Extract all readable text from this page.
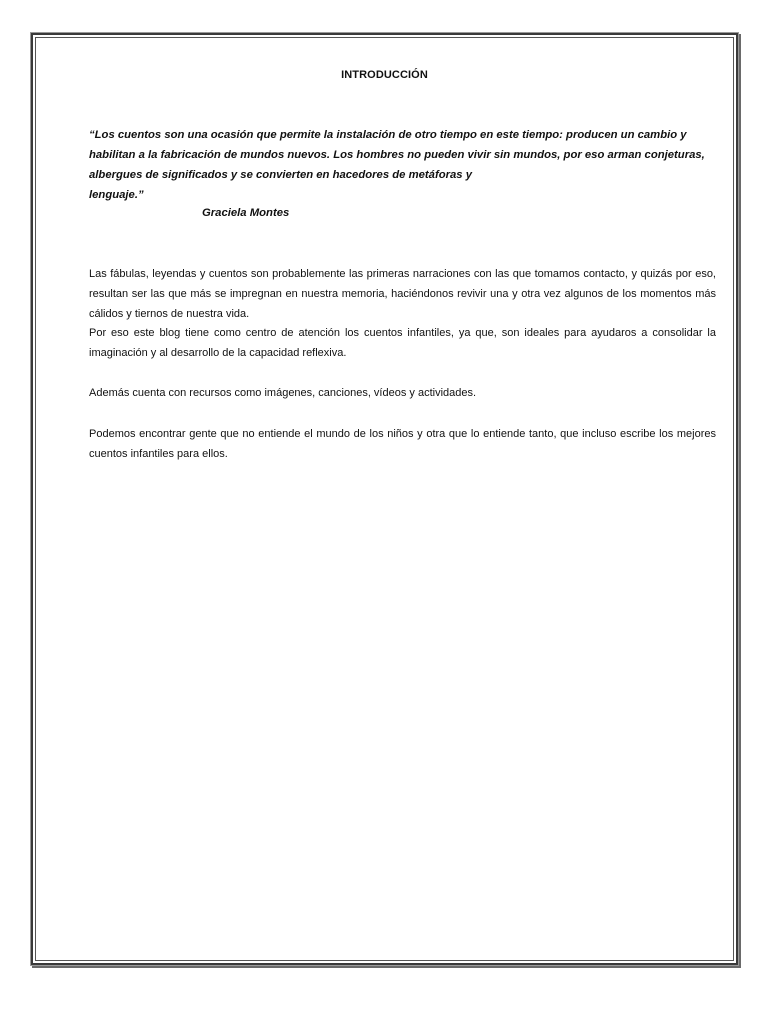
INTRODUCCIÓN

“Los cuentos son una ocasión que permite la instalación de otro tiempo en este tiempo: producen un cambio y habilitan a la fabricación de mundos nuevos. Los hombres no pueden vivir sin mundos, por eso arman conjeturas, albergues de significados y se convierten en hacedores de metáforas y
lenguaje.”

Graciela Montes

Las fábulas, leyendas y cuentos son probablemente las primeras narraciones con las que tomamos contacto, y quizás por eso, resultan ser las que más se impregnan en nuestra memoria, haciéndonos revivir una y otra vez algunos de los momentos más cálidos y tiernos de nuestra vida.

Por eso este blog tiene como centro de atención los cuentos infantiles, ya que, son ideales para ayudaros a consolidar la imaginación y al desarrollo de la capacidad reflexiva.

Además cuenta con recursos como imágenes, canciones, vídeos y actividades.

Podemos encontrar gente que no entiende el mundo de los niños y otra que lo entiende tanto, que incluso escribe los mejores cuentos infantiles para ellos.
